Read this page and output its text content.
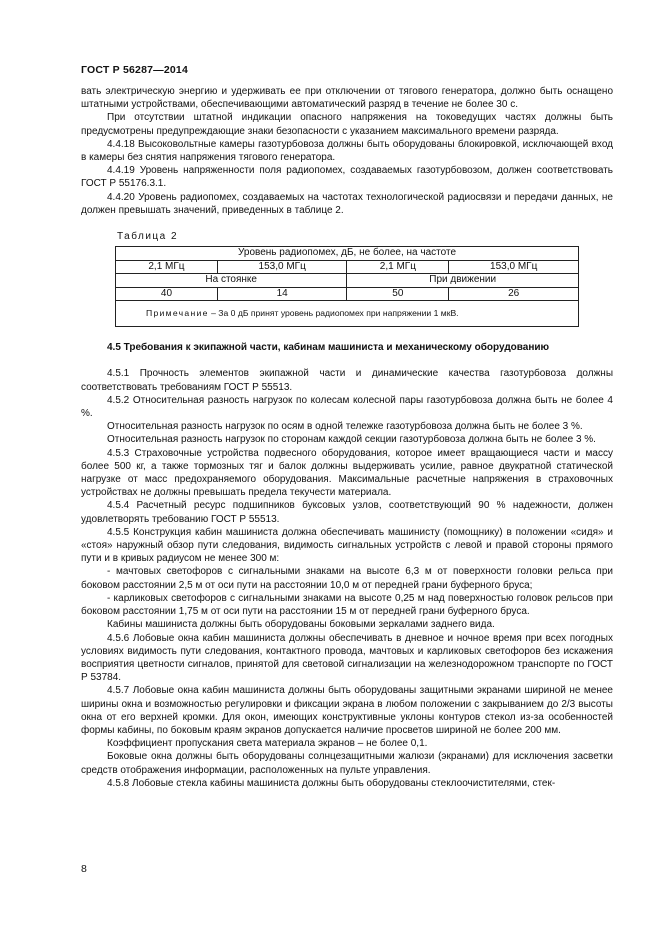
ГОСТ Р 56287—2014

вать электрическую энергию и удерживать ее при отключении от тягового генератора, должно быть оснащено штатными устройствами, обеспечивающими автоматический разряд в течение не более 30 с.

При отсутствии штатной индикации опасного напряжения на токоведущих частях должны быть предусмотрены предупреждающие знаки безопасности с указанием максимального времени разряда.

4.4.18 Высоковольтные камеры газотурбовоза должны быть оборудованы блокировкой, исключающей вход в камеры без снятия напряжения тягового генератора.

4.4.19 Уровень напряженности поля радиопомех, создаваемых газотурбовозом, должен соответствовать ГОСТ Р 55176.3.1.

4.4.20 Уровень радиопомех, создаваемых на частотах технологической радиосвязи и передачи данных, не должен превышать значений, приведенных в таблице 2.

Таблица 2

Уровень радиопомех, дБ, не более, на частоте			
2,1 МГц	153,0 МГц	2,1 МГц	153,0 МГц
На стоянке		При движении	
40	14	50	26
Примечание – За 0 дБ принят уровень радиопомех при напряжении 1 мкВ.			

4.5 Требования к экипажной части, кабинам машиниста и механическому оборудованию

4.5.1 Прочность элементов экипажной части и динамические качества газотурбовоза должны соответствовать требованиям ГОСТ Р 55513.

4.5.2 Относительная разность нагрузок по колесам колесной пары газотурбовоза должна быть не более 4 %.

Относительная разность нагрузок по осям в одной тележке газотурбовоза должна быть не более 3 %.

Относительная разность нагрузок по сторонам каждой секции газотурбовоза должна быть не более 3 %.

4.5.3 Страховочные устройства подвесного оборудования, которое имеет вращающиеся части и массу более 500 кг, а также тормозных тяг и балок должны выдерживать усилие, равное двукратной статической нагрузке от масс предохраняемого оборудования. Максимальные расчетные напряжения в страховочных устройствах не должны превышать предела текучести материала.

4.5.4 Расчетный ресурс подшипников буксовых узлов, соответствующий 90 % надежности, должен удовлетворять требованию ГОСТ Р 55513.

4.5.5 Конструкция кабин машиниста должна обеспечивать машинисту (помощнику) в положении «сидя» и «стоя» наружный обзор пути следования, видимость сигнальных устройств с левой и правой стороны прямого пути и в кривых радиусом не менее 300 м:

- мачтовых светофоров с сигнальными знаками на высоте 6,3 м от поверхности головки рельса при боковом расстоянии 2,5 м от оси пути на расстоянии 10,0 м от передней грани буферного бруса;

- карликовых светофоров с сигнальными знаками на высоте 0,25 м над поверхностью головок рельсов при боковом расстоянии 1,75 м от оси пути на расстоянии 15 м от передней грани буферного бруса.

Кабины машиниста должны быть оборудованы боковыми зеркалами заднего вида.

4.5.6 Лобовые окна кабин машиниста должны обеспечивать в дневное и ночное время при всех погодных условиях видимость пути следования, контактного провода, мачтовых и карликовых светофоров без искажения восприятия цветности сигналов, принятой для световой сигнализации на железнодорожном транспорте по ГОСТ Р 53784.

4.5.7 Лобовые окна кабин машиниста должны быть оборудованы защитными экранами шириной не менее ширины окна и возможностью регулировки и фиксации экрана в любом положении с закрыванием до 2/3 высоты окна от его верхней кромки. Для окон, имеющих конструктивные уклоны контуров стекол из-за особенностей формы кабины, по боковым краям экранов допускается наличие просветов шириной не более 200 мм.

Коэффициент пропускания света материала экранов – не более 0,1.

Боковые окна должны быть оборудованы солнцезащитными жалюзи (экранами) для исключения засветки средств отображения информации, расположенных на пульте управления.

4.5.8 Лобовые стекла кабины машиниста должны быть оборудованы стеклоочистителями, стек-

8
